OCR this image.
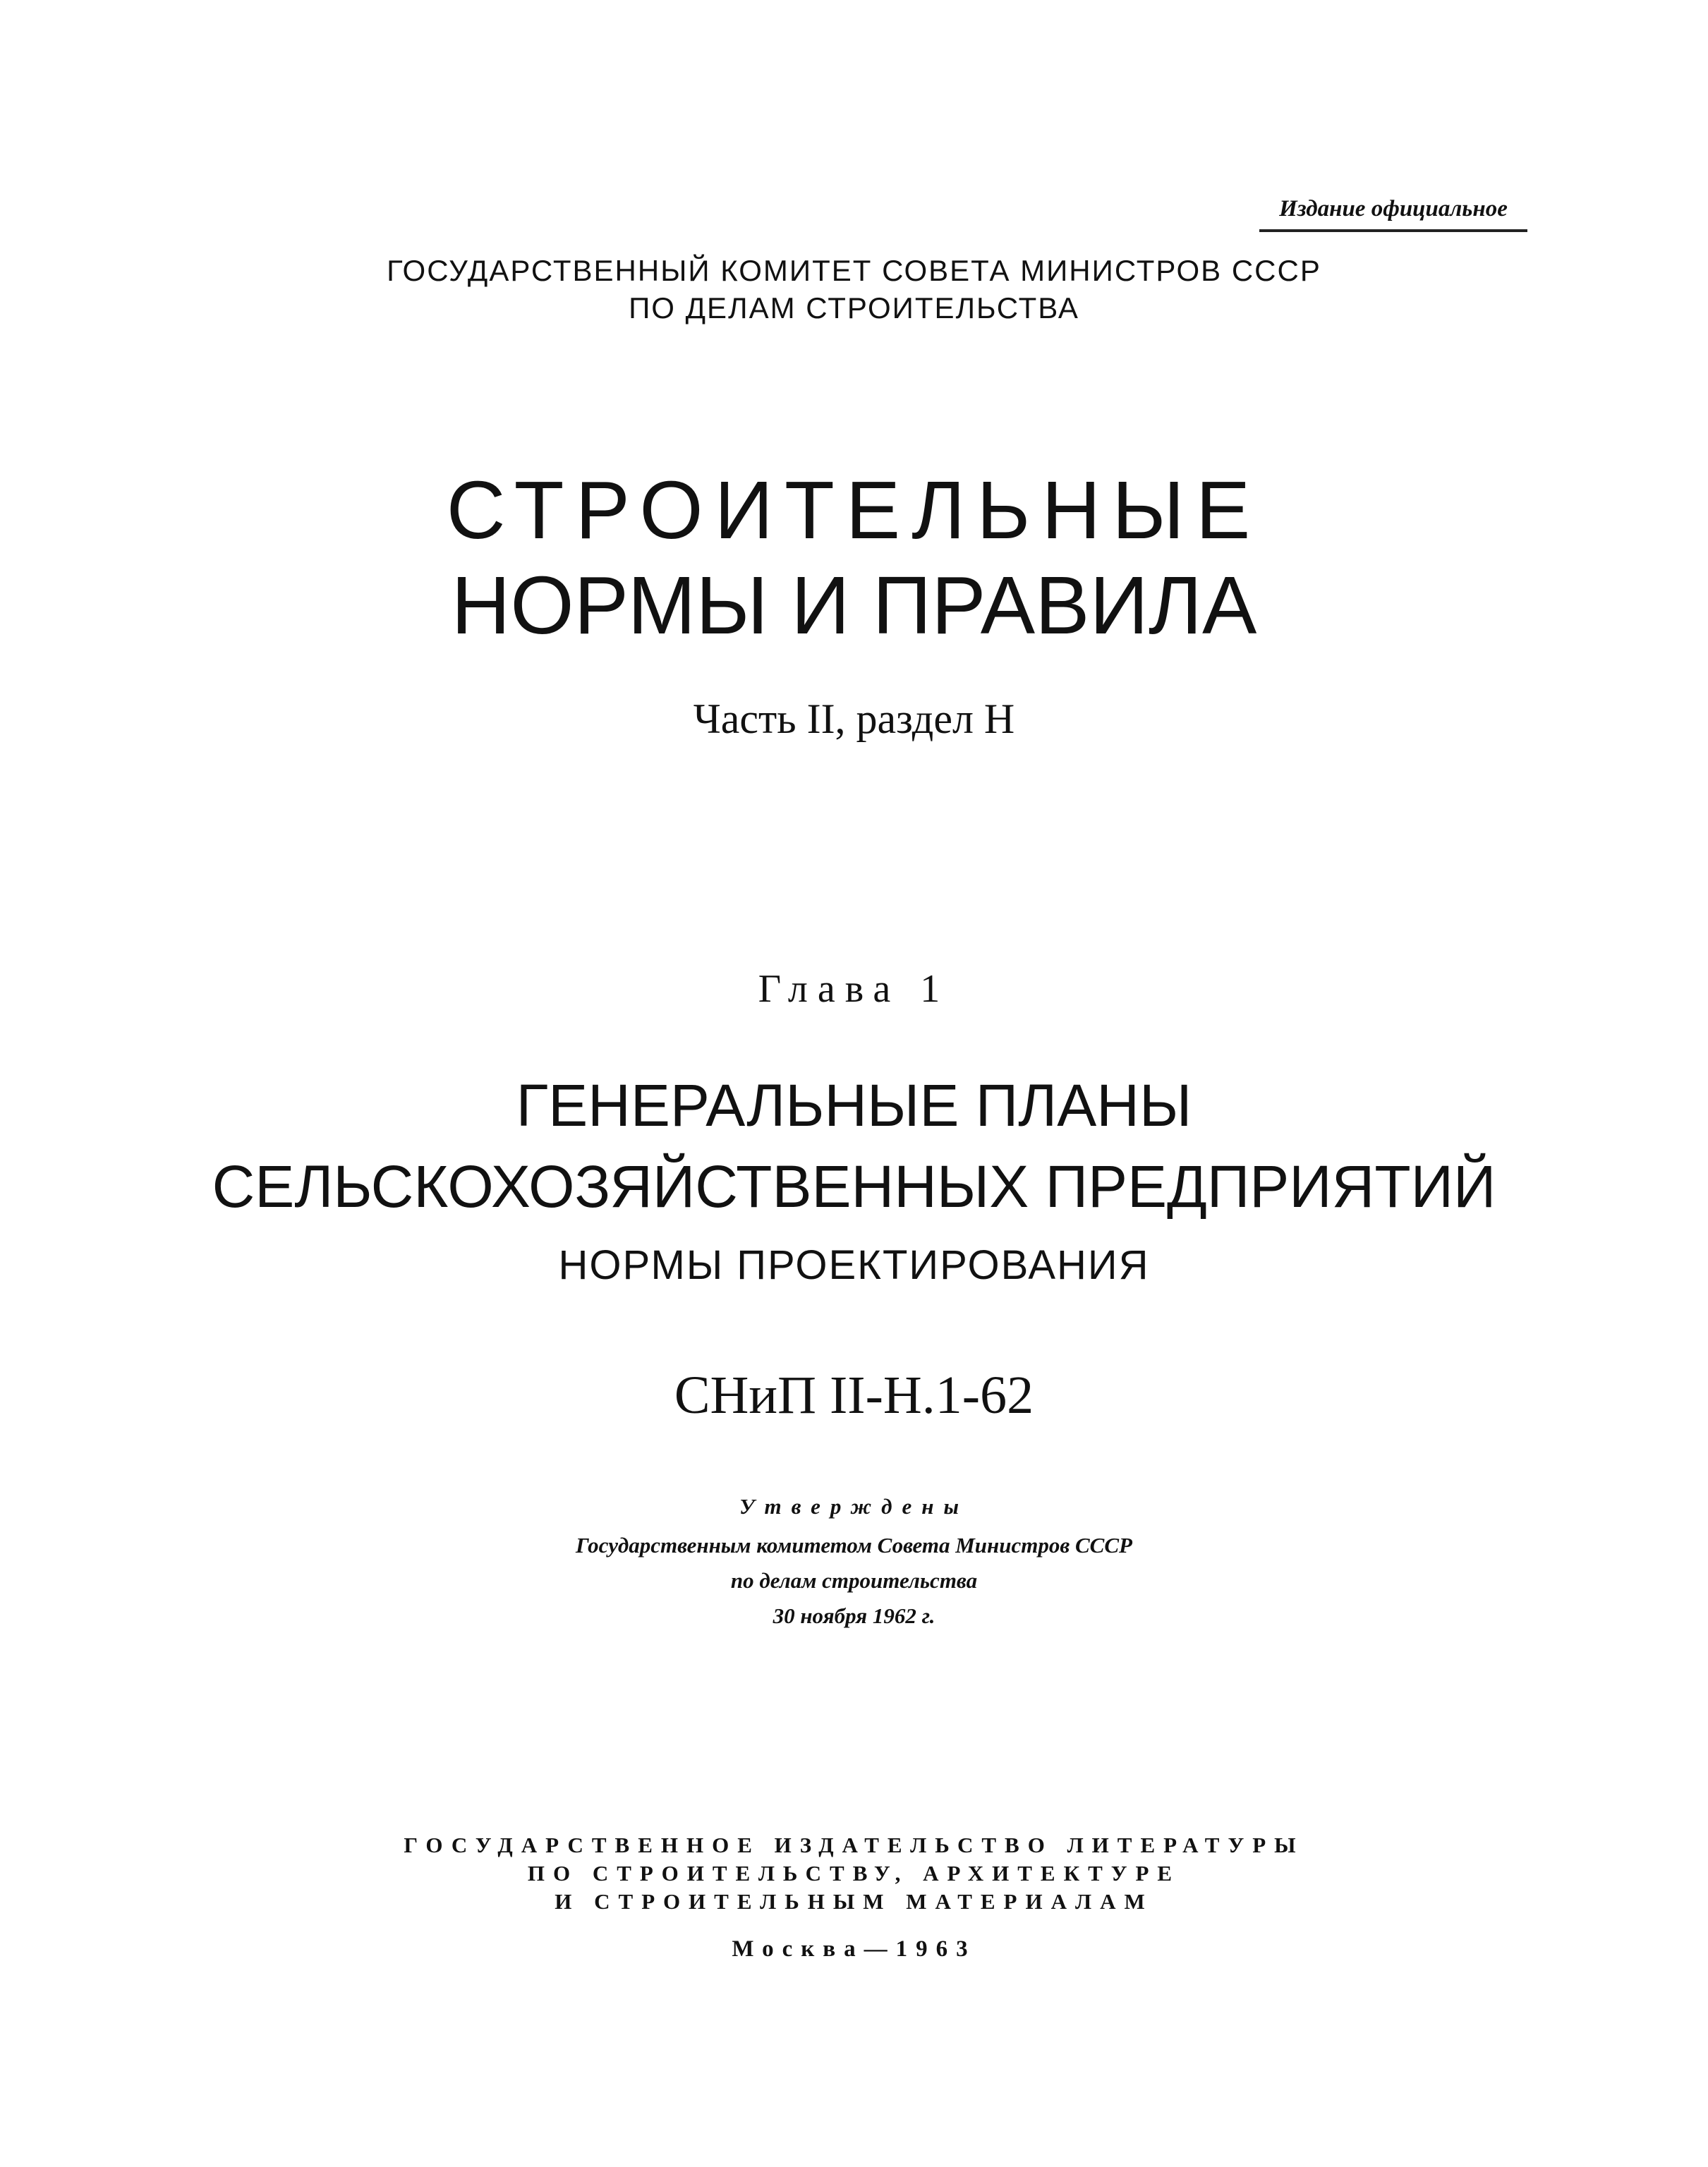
Издание официальное
ГОСУДАРСТВЕННЫЙ КОМИТЕТ СОВЕТА МИНИСТРОВ СССР
ПО ДЕЛАМ СТРОИТЕЛЬСТВА
СТРОИТЕЛЬНЫЕ
НОРМЫ И ПРАВИЛА
Часть II, раздел Н
Глава 1
ГЕНЕРАЛЬНЫЕ ПЛАНЫ
СЕЛЬСКОХОЗЯЙСТВЕННЫХ ПРЕДПРИЯТИЙ
НОРМЫ ПРОЕКТИРОВАНИЯ
СНиП II-Н.1-62
Утверждены
Государственным комитетом Совета Министров СССР
по делам строительства
30 ноября 1962 г.
ГОСУДАРСТВЕННОЕ ИЗДАТЕЛЬСТВО ЛИТЕРАТУРЫ
ПО СТРОИТЕЛЬСТВУ, АРХИТЕКТУРЕ
И СТРОИТЕЛЬНЫМ МАТЕРИАЛАМ
Москва—1963
